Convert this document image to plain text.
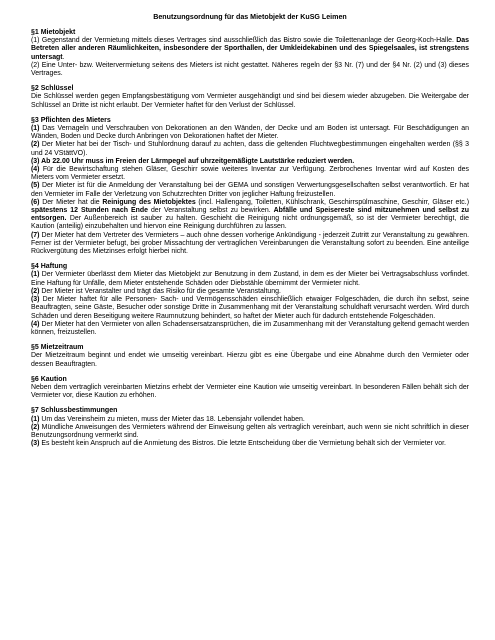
Benutzungsordnung für das Mietobjekt der KuSG Leimen
§1 Mietobjekt

(1) Gegenstand der Vermietung mittels dieses Vertrages sind ausschließlich das Bistro sowie die Toilettenanlage der Georg-Koch-Halle. Das Betreten aller anderen Räumlichkeiten, insbesondere der Sporthallen, der Umkleidekabinen und des Spiegelsaales, ist strengstens untersagt.

(2) Eine Unter- bzw. Weitervermietung seitens des Mieters ist nicht gestattet. Näheres regeln der §3 Nr. (7) und der §4 Nr. (2) und (3) dieses Vertrages.

§2 Schlüssel

Die Schlüssel werden gegen Empfangsbestätigung vom Vermieter ausgehändigt und sind bei diesem wieder abzugeben. Die Weitergabe der Schlüssel an Dritte ist nicht erlaubt. Der Vermieter haftet für den Verlust der Schlüssel.

§3 Pflichten des Mieters

(1) Das Vernageln und Verschrauben von Dekorationen an den Wänden, der Decke und am Boden ist untersagt. Für Beschädigungen an Wänden, Boden und Decke durch Anbringen von Dekorationen haftet der Mieter.

(2) Der Mieter hat bei der Tisch- und Stuhlordnung darauf zu achten, dass die geltenden Fluchtwegbestimmungen eingehalten werden (§§ 3 und 24 VStättVO).

(3) Ab 22.00 Uhr muss im Freien der Lärmpegel auf uhrzeitgemäßigte Lautstärke reduziert werden.

(4) Für die Bewirtschaftung stehen Gläser, Geschirr sowie weiteres Inventar zur Verfügung. Zerbrochenes Inventar wird auf Kosten des Mieters vom Vermieter ersetzt.

(5) Der Mieter ist für die Anmeldung der Veranstaltung bei der GEMA und sonstigen Verwertungsgesellschaften selbst verantwortlich. Er hat den Vermieter im Falle der Verletzung von Schutzrechten Dritter von jeglicher Haftung freizustellen.

(6) Der Mieter hat die Reinigung des Mietobjektes (incl. Hallengang, Toiletten, Kühlschrank, Geschirrspülmaschine, Geschirr, Gläser etc.) spätestens 12 Stunden nach Ende der Veranstaltung selbst zu bewirken. Abfälle und Speisereste sind mitzunehmen und selbst zu entsorgen. Der Außenbereich ist sauber zu halten. Geschieht die Reinigung nicht ordnungsgemäß, so ist der Vermieter berechtigt, die Kaution (anteilig) einzubehalten und hiervon eine Reinigung durchführen zu lassen.

(7) Der Mieter hat dem Vertreter des Vermieters – auch ohne dessen vorherige Ankündigung - jederzeit Zutritt zur Veranstaltung zu gewähren. Ferner ist der Vermieter befugt, bei grober Missachtung der vertraglichen Vereinbarungen die Veranstaltung sofort zu beenden. Eine anteilige Rückvergütung des Mietzinses erfolgt hierbei nicht.

§4 Haftung

(1) Der Vermieter überlässt dem Mieter das Mietobjekt zur Benutzung in dem Zustand, in dem es der Mieter bei Vertragsabschluss vorfindet. Eine Haftung für Unfälle, dem Mieter entstehende Schäden oder Diebstähle übernimmt der Vermieter nicht.

(2) Der Mieter ist Veranstalter und trägt das Risiko für die gesamte Veranstaltung.

(3) Der Mieter haftet für alle Personen- Sach- und Vermögensschäden einschließlich etwaiger Folgeschäden, die durch ihn selbst, seine Beauftragten, seine Gäste, Besucher oder sonstige Dritte in Zusammenhang mit der Veranstaltung schuldhaft verursacht werden. Wird durch Schäden und deren Beseitigung weitere Raumnutzung behindert, so haftet der Mieter auch für dadurch entstehende Folgeschäden.

(4) Der Mieter hat den Vermieter von allen Schadensersatzansprüchen, die im Zusammenhang mit der Veranstaltung geltend gemacht werden können, freizustellen.

§5 Mietzeitraum

Der Mietzeitraum beginnt und endet wie umseitig vereinbart. Hierzu gibt es eine Übergabe und eine Abnahme durch den Vermieter oder dessen Beauftragten.

§6 Kaution

Neben dem vertraglich vereinbarten Mietzins erhebt der Vermieter eine Kaution wie umseitig vereinbart. In besonderen Fällen behält sich der Vermieter vor, diese Kaution zu erhöhen.

§7 Schlussbestimmungen

(1) Um das Vereinsheim zu mieten, muss der Mieter das 18. Lebensjahr vollendet haben.

(2) Mündliche Anweisungen des Vermieters während der Einweisung gelten als vertraglich vereinbart, auch wenn sie nicht schriftlich in dieser Benutzungsordnung vermerkt sind.

(3) Es besteht kein Anspruch auf die Anmietung des Bistros. Die letzte Entscheidung über die Vermietung behält sich der Vermieter vor.
